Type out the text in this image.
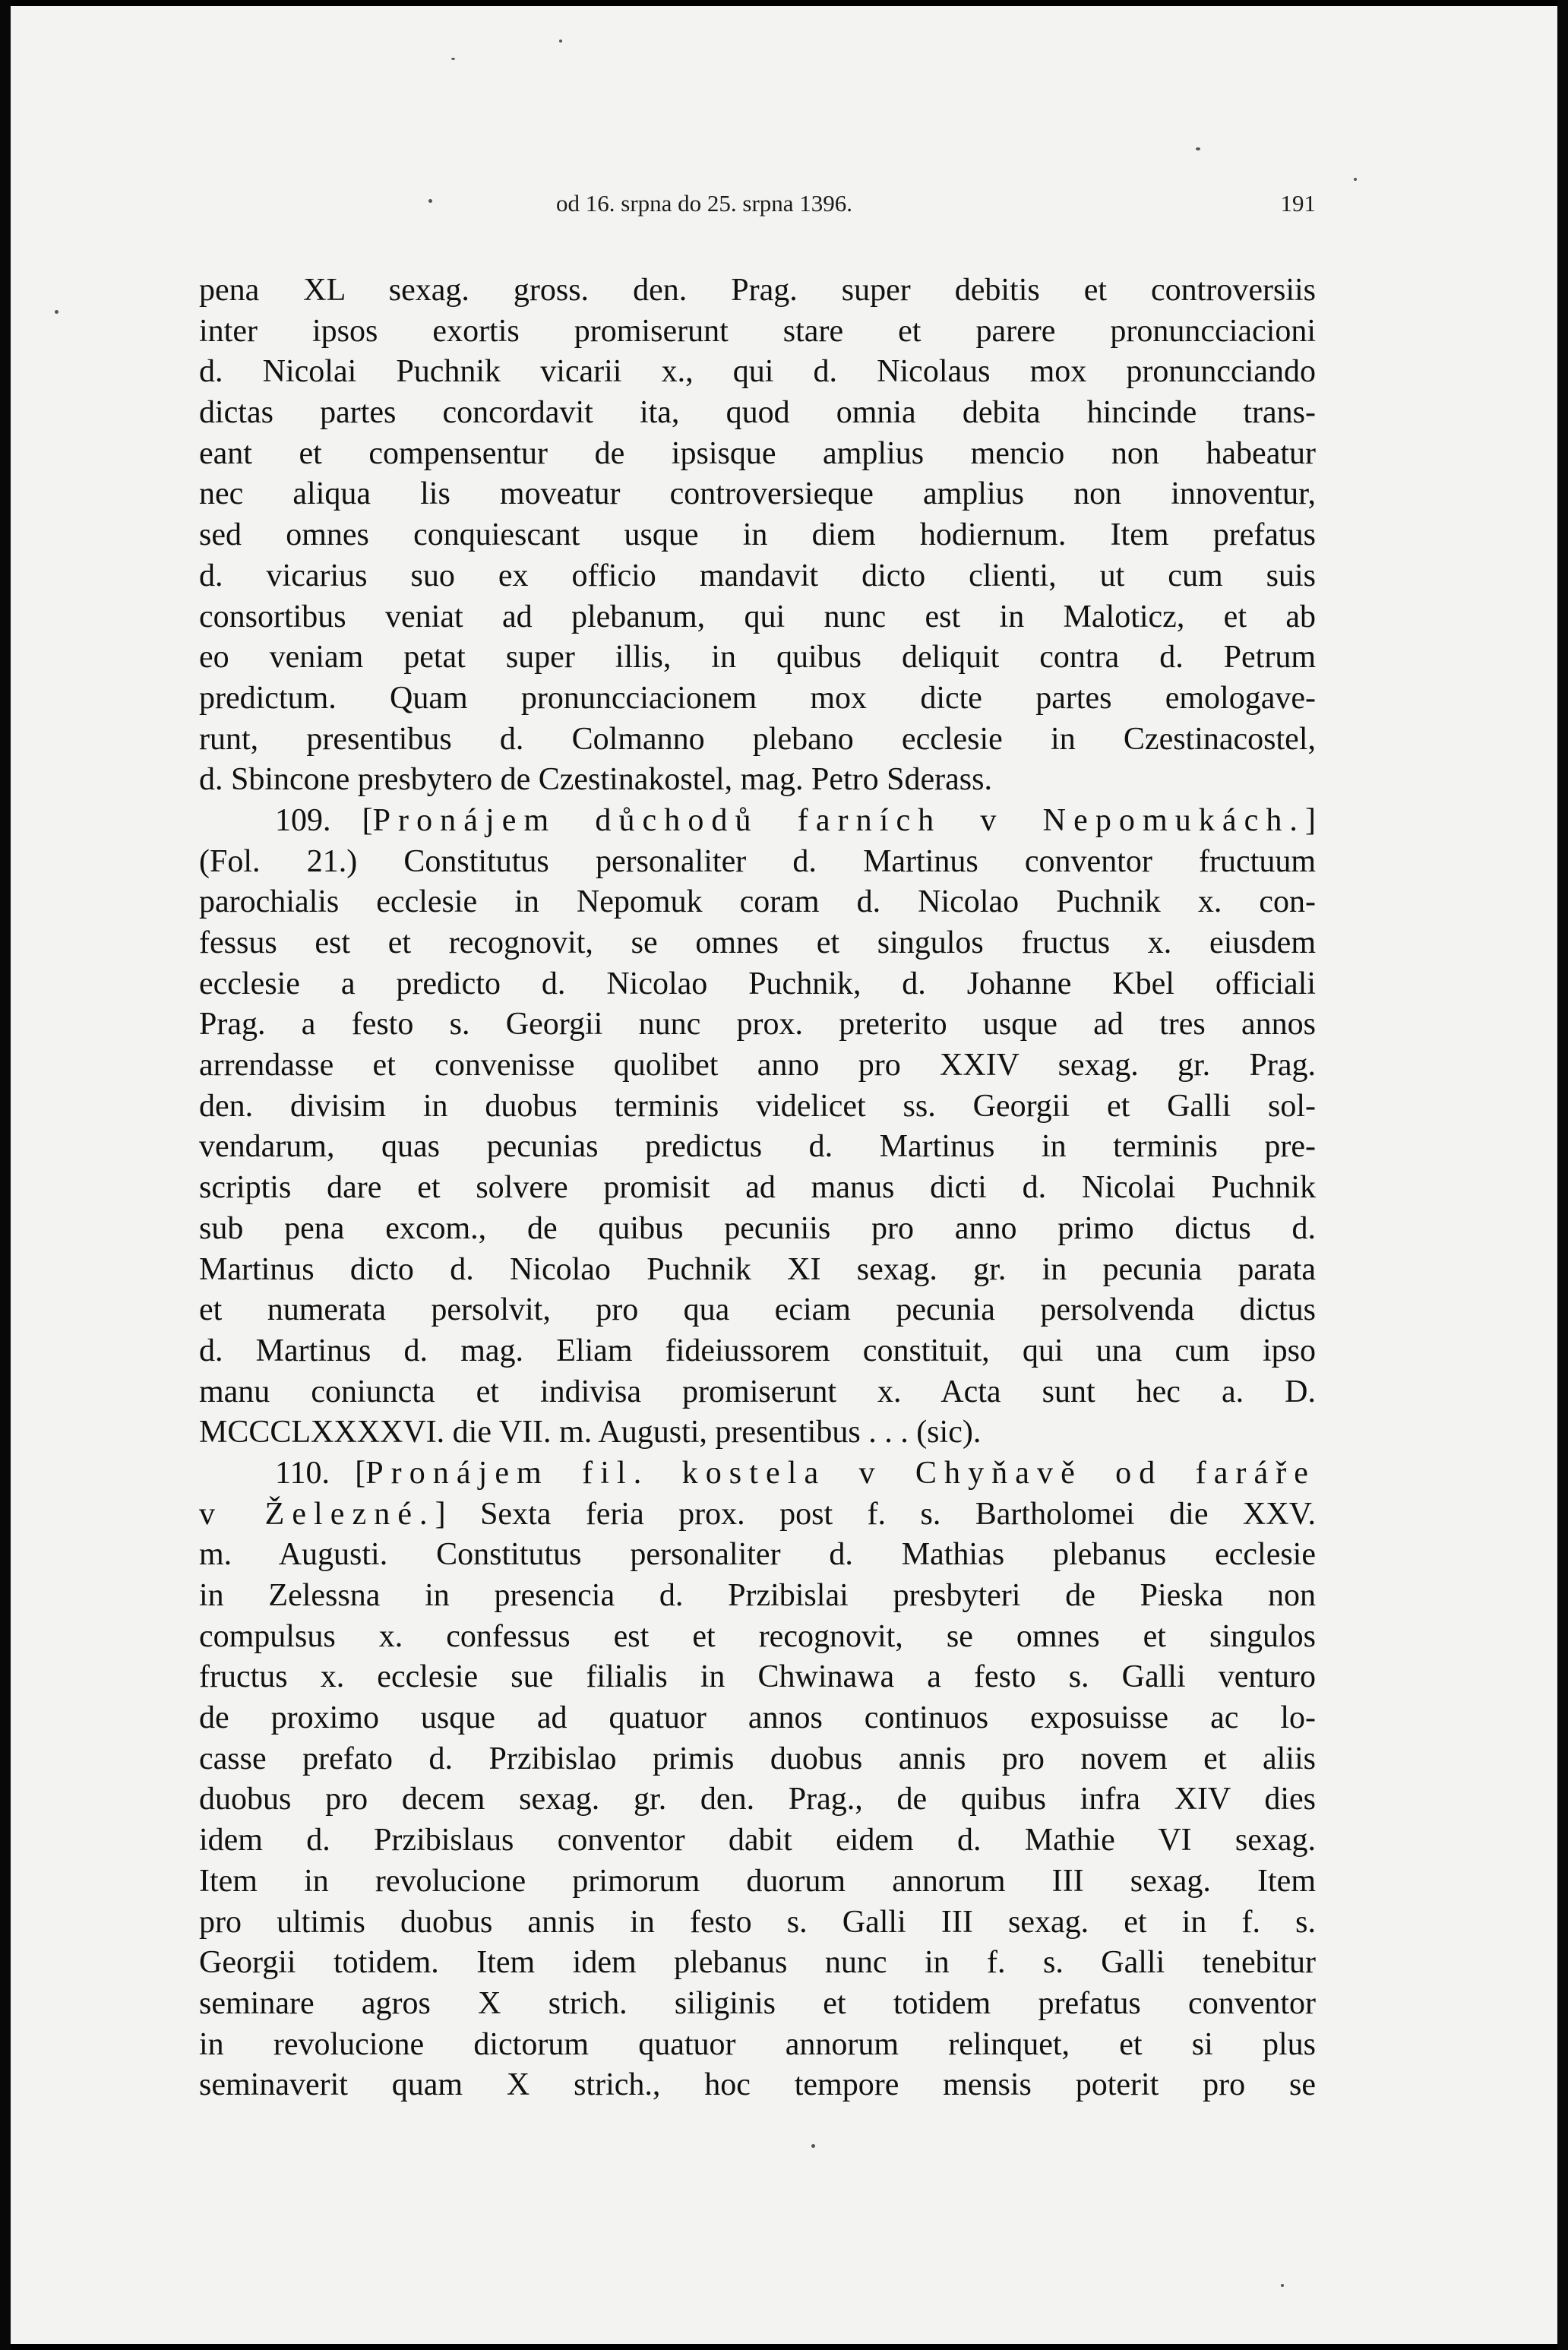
od 16. srpna do 25. srpna 1396.	191
pena XL sexag. gross. den. Prag. super debitis et controversiis
inter ipsos exortis promiserunt stare et parere pronuncciacioni
d. Nicolai Puchnik vicarii x., qui d. Nicolaus mox pronuncciando
dictas partes concordavit ita, quod omnia debita hincinde trans-
eant et compensentur de ipsisque amplius mencio non habeatur
nec aliqua lis moveatur controversieque amplius non innoventur,
sed omnes conquiescant usque in diem hodiernum. Item prefatus
d. vicarius suo ex officio mandavit dicto clienti, ut cum suis
consortibus veniat ad plebanum, qui nunc est in Maloticz, et ab
eo veniam petat super illis, in quibus deliquit contra d. Petrum
predictum. Quam pronuncciacionem mox dicte partes emologave-
runt, presentibus d. Colmanno plebano ecclesie in Czestinacostel,
d. Sbincone presbytero de Czestinakostel, mag. Petro Sderass.
109. [Pronájem důchodů farních v Nepomukách.]
(Fol. 21.) Constitutus personaliter d. Martinus conventor fructuum
parochialis ecclesie in Nepomuk coram d. Nicolao Puchnik x. con-
fessus est et recognovit, se omnes et singulos fructus x. eiusdem
ecclesie a predicto d. Nicolao Puchnik, d. Johanne Kbel officiali
Prag. a festo s. Georgii nunc prox. preterito usque ad tres annos
arrendasse et convenisse quolibet anno pro XXIV sexag. gr. Prag.
den. divisim in duobus terminis videlicet ss. Georgii et Galli sol-
vendarum, quas pecunias predictus d. Martinus in terminis pre-
scriptis dare et solvere promisit ad manus dicti d. Nicolai Puchnik
sub pena excom., de quibus pecuniis pro anno primo dictus d.
Martinus dicto d. Nicolao Puchnik XI sexag. gr. in pecunia parata
et numerata persolvit, pro qua eciam pecunia persolvenda dictus
d. Martinus d. mag. Eliam fideiussorem constituit, qui una cum ipso
manu coniuncta et indivisa promiserunt x. Acta sunt hec a. D.
MCCCLXXXXVI. die VII. m. Augusti, presentibus . . . (sic).
110. [Pronájem fil. kostela v Chyňavě od faráře
v Železné.] Sexta feria prox. post f. s. Bartholomei die XXV.
m. Augusti. Constitutus personaliter d. Mathias plebanus ecclesie
in Zelessna in presencia d. Przibislai presbyteri de Pieska non
compulsus x. confessus est et recognovit, se omnes et singulos
fructus x. ecclesie sue filialis in Chwinawa a festo s. Galli venturo
de proximo usque ad quatuor annos continuos exposuisse ac lo-
casse prefato d. Przibislao primis duobus annis pro novem et aliis
duobus pro decem sexag. gr. den. Prag., de quibus infra XIV dies
idem d. Przibislaus conventor dabit eidem d. Mathie VI sexag.
Item in revolucione primorum duorum annorum III sexag. Item
pro ultimis duobus annis in festo s. Galli III sexag. et in f. s.
Georgii totidem. Item idem plebanus nunc in f. s. Galli tenebitur
seminare agros X strich. siliginis et totidem prefatus conventor
in revolucione dictorum quatuor annorum relinquet, et si plus
seminaverit quam X strich., hoc tempore mensis poterit pro se
